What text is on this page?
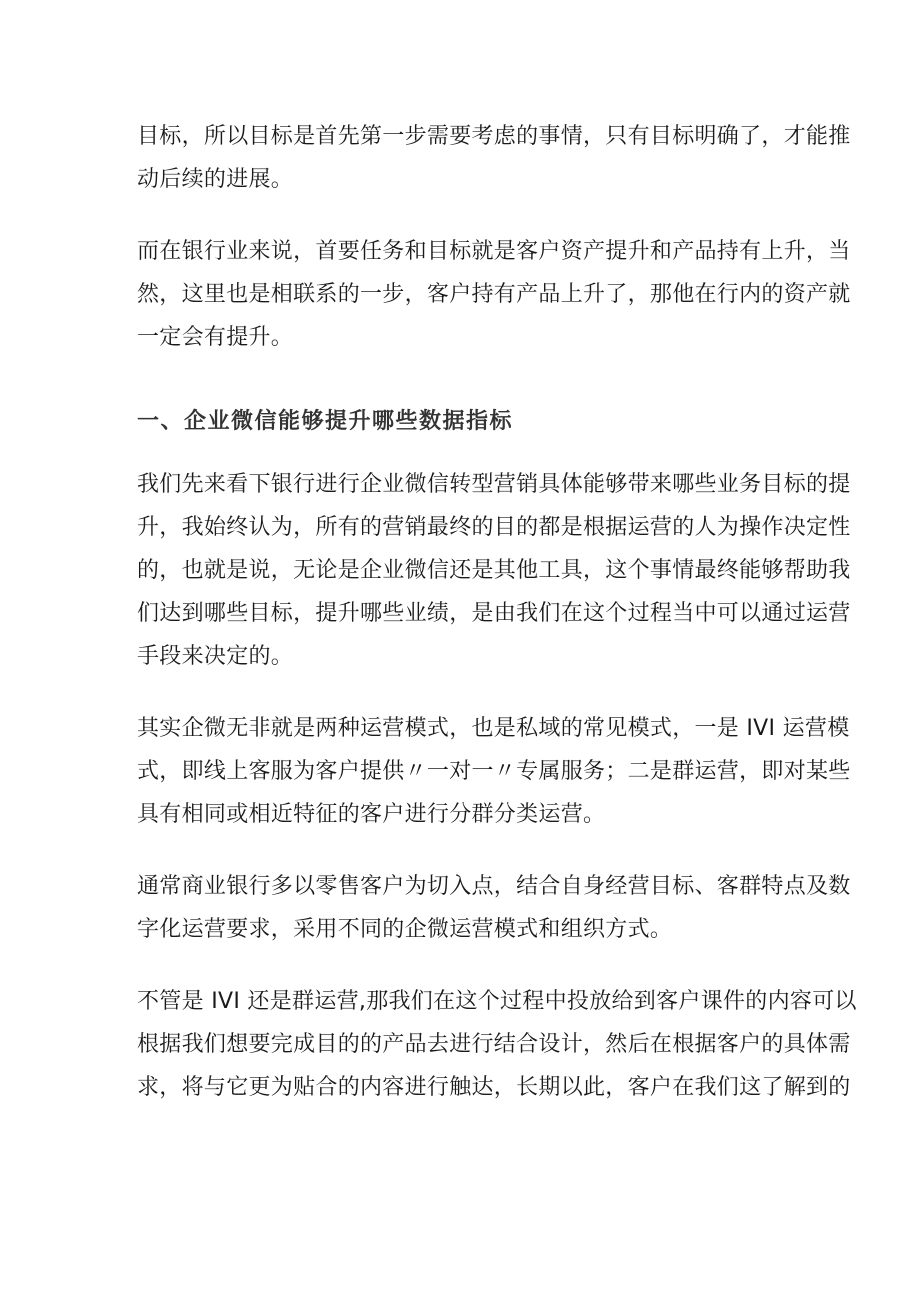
目标，所以目标是首先第一步需要考虑的事情，只有目标明确了，才能推
动后续的进展。

而在银行业来说，首要任务和目标就是客户资产提升和产品持有上升，当
然，这里也是相联系的一步，客户持有产品上升了，那他在行内的资产就
一定会有提升。

一、企业微信能够提升哪些数据指标

我们先来看下银行进行企业微信转型营销具体能够带来哪些业务目标的提
升，我始终认为，所有的营销最终的目的都是根据运营的人为操作决定性
的，也就是说，无论是企业微信还是其他工具，这个事情最终能够帮助我
们达到哪些目标，提升哪些业绩，是由我们在这个过程当中可以通过运营
手段来决定的。

其实企微无非就是两种运营模式，也是私域的常见模式，一是 IVI 运营模
式，即线上客服为客户提供〃一对一〃专属服务；二是群运营，即对某些
具有相同或相近特征的客户进行分群分类运营。

通常商业银行多以零售客户为切入点，结合自身经营目标、客群特点及数
字化运营要求，采用不同的企微运营模式和组织方式。

不管是 IVI 还是群运营,那我们在这个过程中投放给到客户课件的内容可以
根据我们想要完成目的的产品去进行结合设计，然后在根据客户的具体需
求，将与它更为贴合的内容进行触达，长期以此，客户在我们这了解到的
